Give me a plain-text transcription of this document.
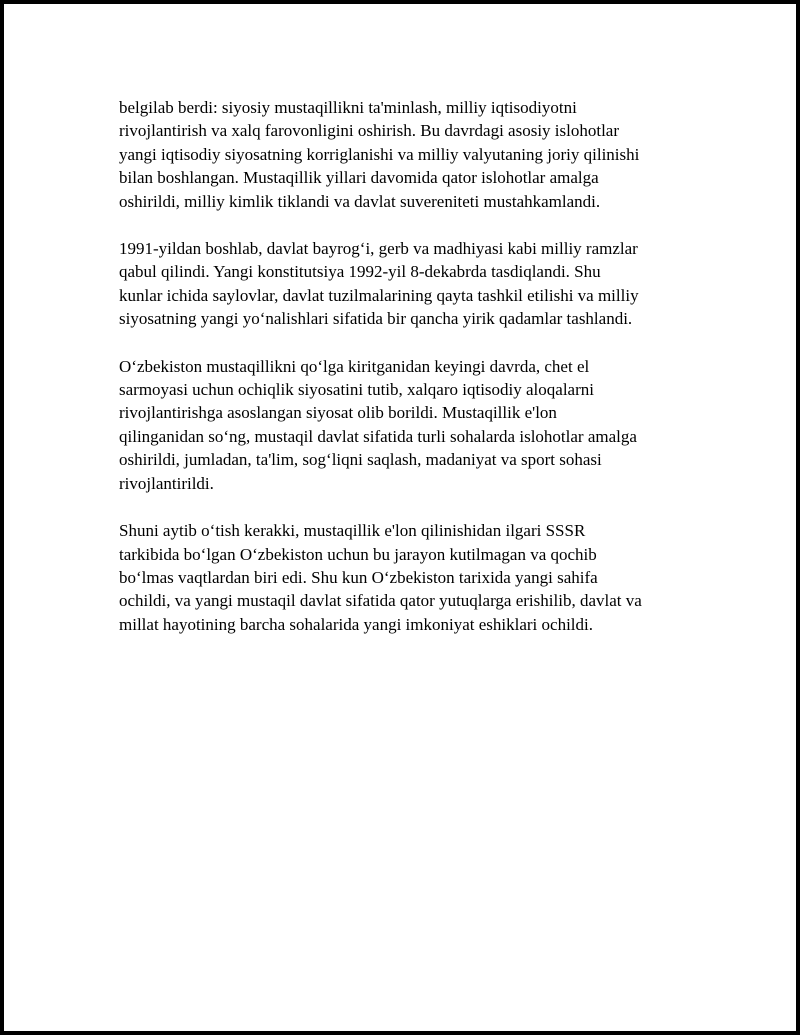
belgilab berdi: siyosiy mustaqillikni ta'minlash, milliy iqtisodiyotni
rivojlantirish va xalq farovonligini oshirish. Bu davrdagi asosiy islohotlar
yangi iqtisodiy siyosatning korriglanishi va milliy valyutaning joriy qilinishi
bilan boshlangan. Mustaqillik yillari davomida qator islohotlar amalga
oshirildi, milliy kimlik tiklandi va davlat suvereniteti mustahkamlandi.

1991-yildan boshlab, davlat bayrog‘i, gerb va madhiyasi kabi milliy ramzlar
qabul qilindi. Yangi konstitutsiya 1992-yil 8-dekabrda tasdiqlandi. Shu
kunlar ichida saylovlar, davlat tuzilmalarining qayta tashkil etilishi va milliy
siyosatning yangi yo‘nalishlari sifatida bir qancha yirik qadamlar tashlandi.

O‘zbekiston mustaqillikni qo‘lga kiritganidan keyingi davrda, chet el
sarmoyasi uchun ochiqlik siyosatini tutib, xalqaro iqtisodiy aloqalarni
rivojlantirishga asoslangan siyosat olib borildi. Mustaqillik e'lon
qilinganidan so‘ng, mustaqil davlat sifatida turli sohalarda islohotlar amalga
oshirildi, jumladan, ta'lim, sog‘liqni saqlash, madaniyat va sport sohasi
rivojlantirildi.

Shuni aytib o‘tish kerakki, mustaqillik e'lon qilinishidan ilgari SSSR
tarkibida bo‘lgan O‘zbekiston uchun bu jarayon kutilmagan va qochib
bo‘lmas vaqtlardan biri edi. Shu kun O‘zbekiston tarixida yangi sahifa
ochildi, va yangi mustaqil davlat sifatida qator yutuqlarga erishilib, davlat va
millat hayotining barcha sohalarida yangi imkoniyat eshiklari ochildi.
